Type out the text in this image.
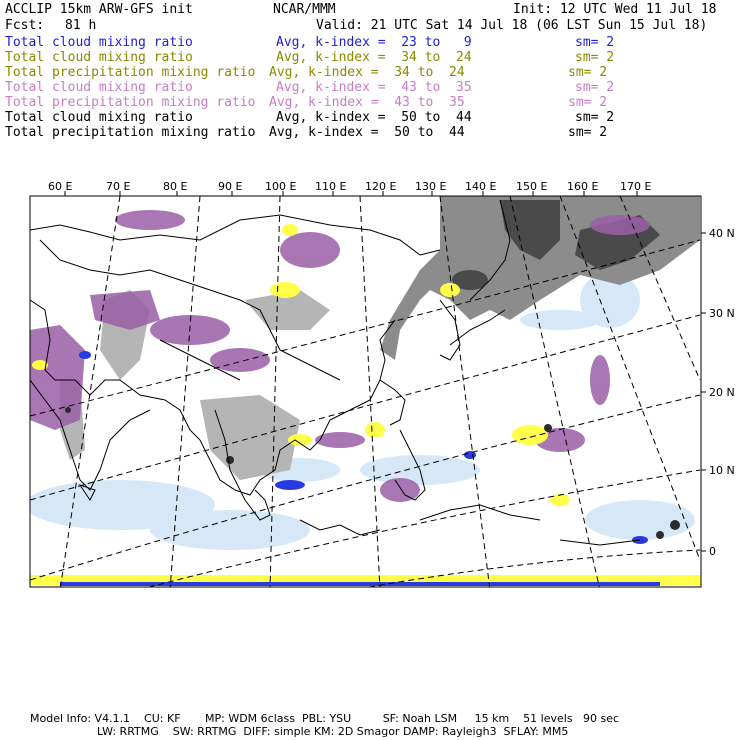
ACCLIP 15km ARW-GFS init	NCAR/MMM	Init: 12 UTC Wed 11 Jul 18
Fcst: 81 h	Valid: 21 UTC Sat 14 Jul 18 (06 LST Sun 15 Jul 18)
Total cloud mixing ratio	Avg, k-index =  23 to   9	sm= 2
Total cloud mixing ratio	Avg, k-index =  34 to  24	sm= 2
Total precipitation mixing ratio Avg, k-index =  34 to  24	sm= 2
Total cloud mixing ratio	Avg, k-index =  43 to  35	sm= 2
Total precipitation mixing ratio Avg, k-index =  43 to  35	sm= 2
Total cloud mixing ratio	Avg, k-index =  50 to  44	sm= 2
Total precipitation mixing ratio Avg, k-index =  50 to  44	sm= 2
60 E	70 E	80 E	90 E 100 E 110 E 120 E 130 E 140 E 150 E 160 E 170 E
40 N
30 N
20 N
10 N
0
Model Info: V4.1.1    CU: KF       MP: WDM 6class  PBL: YSU         SF: Noah LSM     15 km    51 levels   90 sec
LW: RRTMG    SW: RRTMG  DIFF: simple KM: 2D Smagor DAMP: Rayleigh3  SFLAY: MM5
